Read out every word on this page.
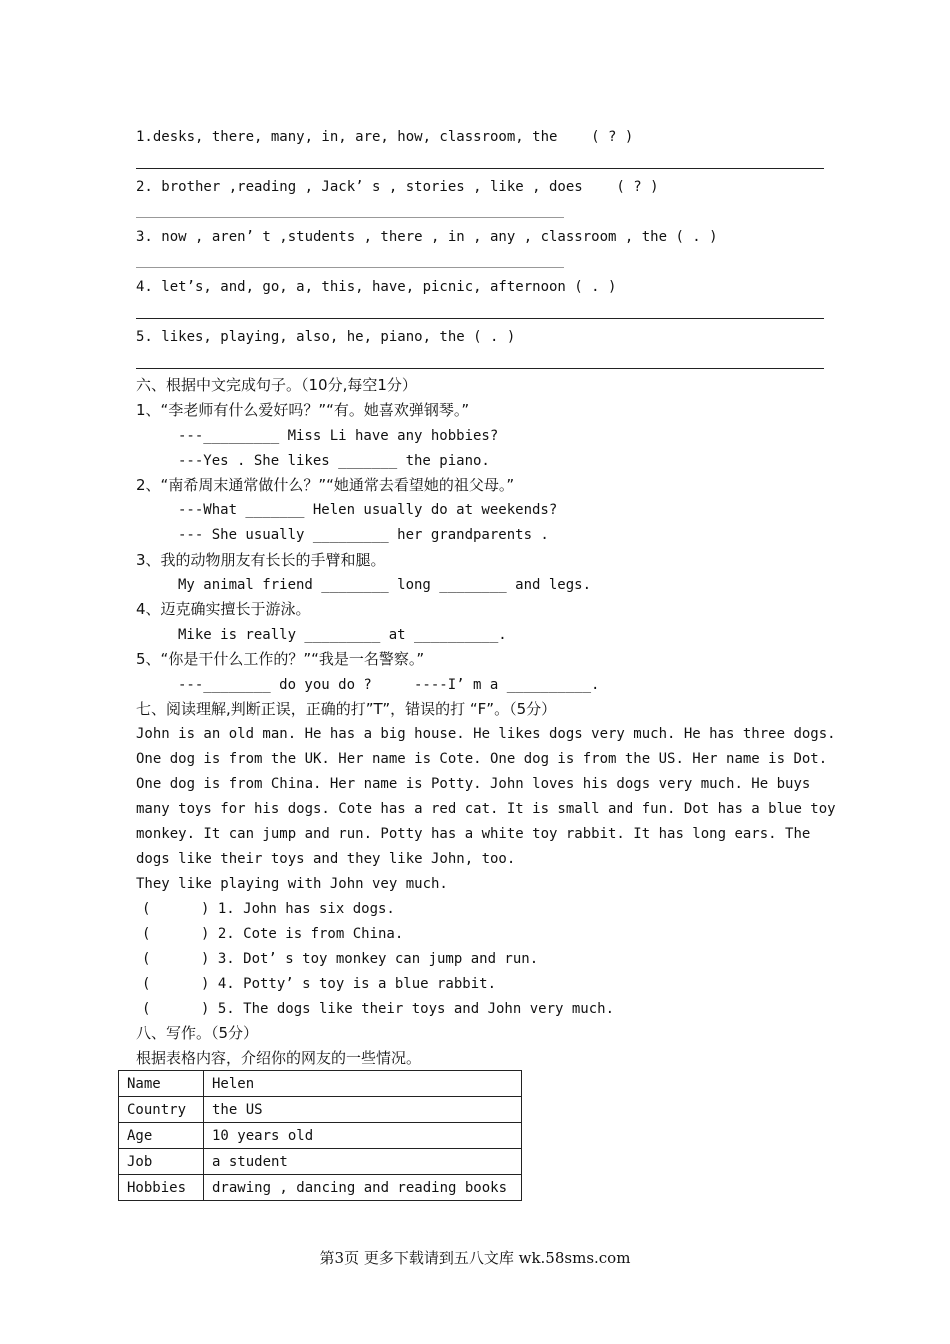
1.desks, there, many, in, are, how, classroom, the    ( ? )
2. brother ,reading , Jack’ s , stories , like , does    ( ? )
3. now , aren’ t ,students , there , in , any , classroom , the ( . )
4. let’s, and, go, a, this, have, picnic, afternoon ( . )
5. likes, playing, also, he, piano, the ( . )
六、根据中文完成句子。（10分,每空1分）
1、“李老师有什么爱好吗？”“有。她喜欢弹钢琴。”
---_________ Miss Li have any hobbies?
---Yes . She likes _______ the piano.
2、“南希周末通常做什么？”“她通常去看望她的祖父母。”
---What _______ Helen usually do at weekends?
--- She usually _________ her grandparents .
3、我的动物朋友有长长的手臂和腿。
My animal friend ________ long ________ and legs.
4、迈克确实擅长于游泳。
Mike is really _________ at __________.
5、“你是干什么工作的？”“我是一名警察。”
---________ do you do ?     ----I’ m a __________.
七、阅读理解,判断正误，正确的打”T”，错误的打 “F”。（5分）
John is an old man. He has a big house. He likes dogs very much. He has three dogs.
One dog is from the UK. Her name is Cote. One dog is from the US. Her name is Dot.
One dog is from China. Her name is Potty. John loves his dogs very much. He buys
many toys for his dogs. Cote has a red cat. It is small and fun. Dot has a blue toy
monkey. It can jump and run. Potty has a white toy rabbit. It has long ears. The
dogs like their toys and they like John, too.
They like playing with John vey much.
(      ) 1. John has six dogs.
(      ) 2. Cote is from China.
(      ) 3. Dot’ s toy monkey can jump and run.
(      ) 4. Potty’ s toy is a blue rabbit.
(      ) 5. The dogs like their toys and John very much.
八、写作。（5分）
根据表格内容，介绍你的网友的一些情况。
Name	Helen
Country	the US
Age	10 years old
Job	a student
Hobbies	drawing , dancing and reading books
第3页 更多下载请到五八文库 wk.58sms.com
